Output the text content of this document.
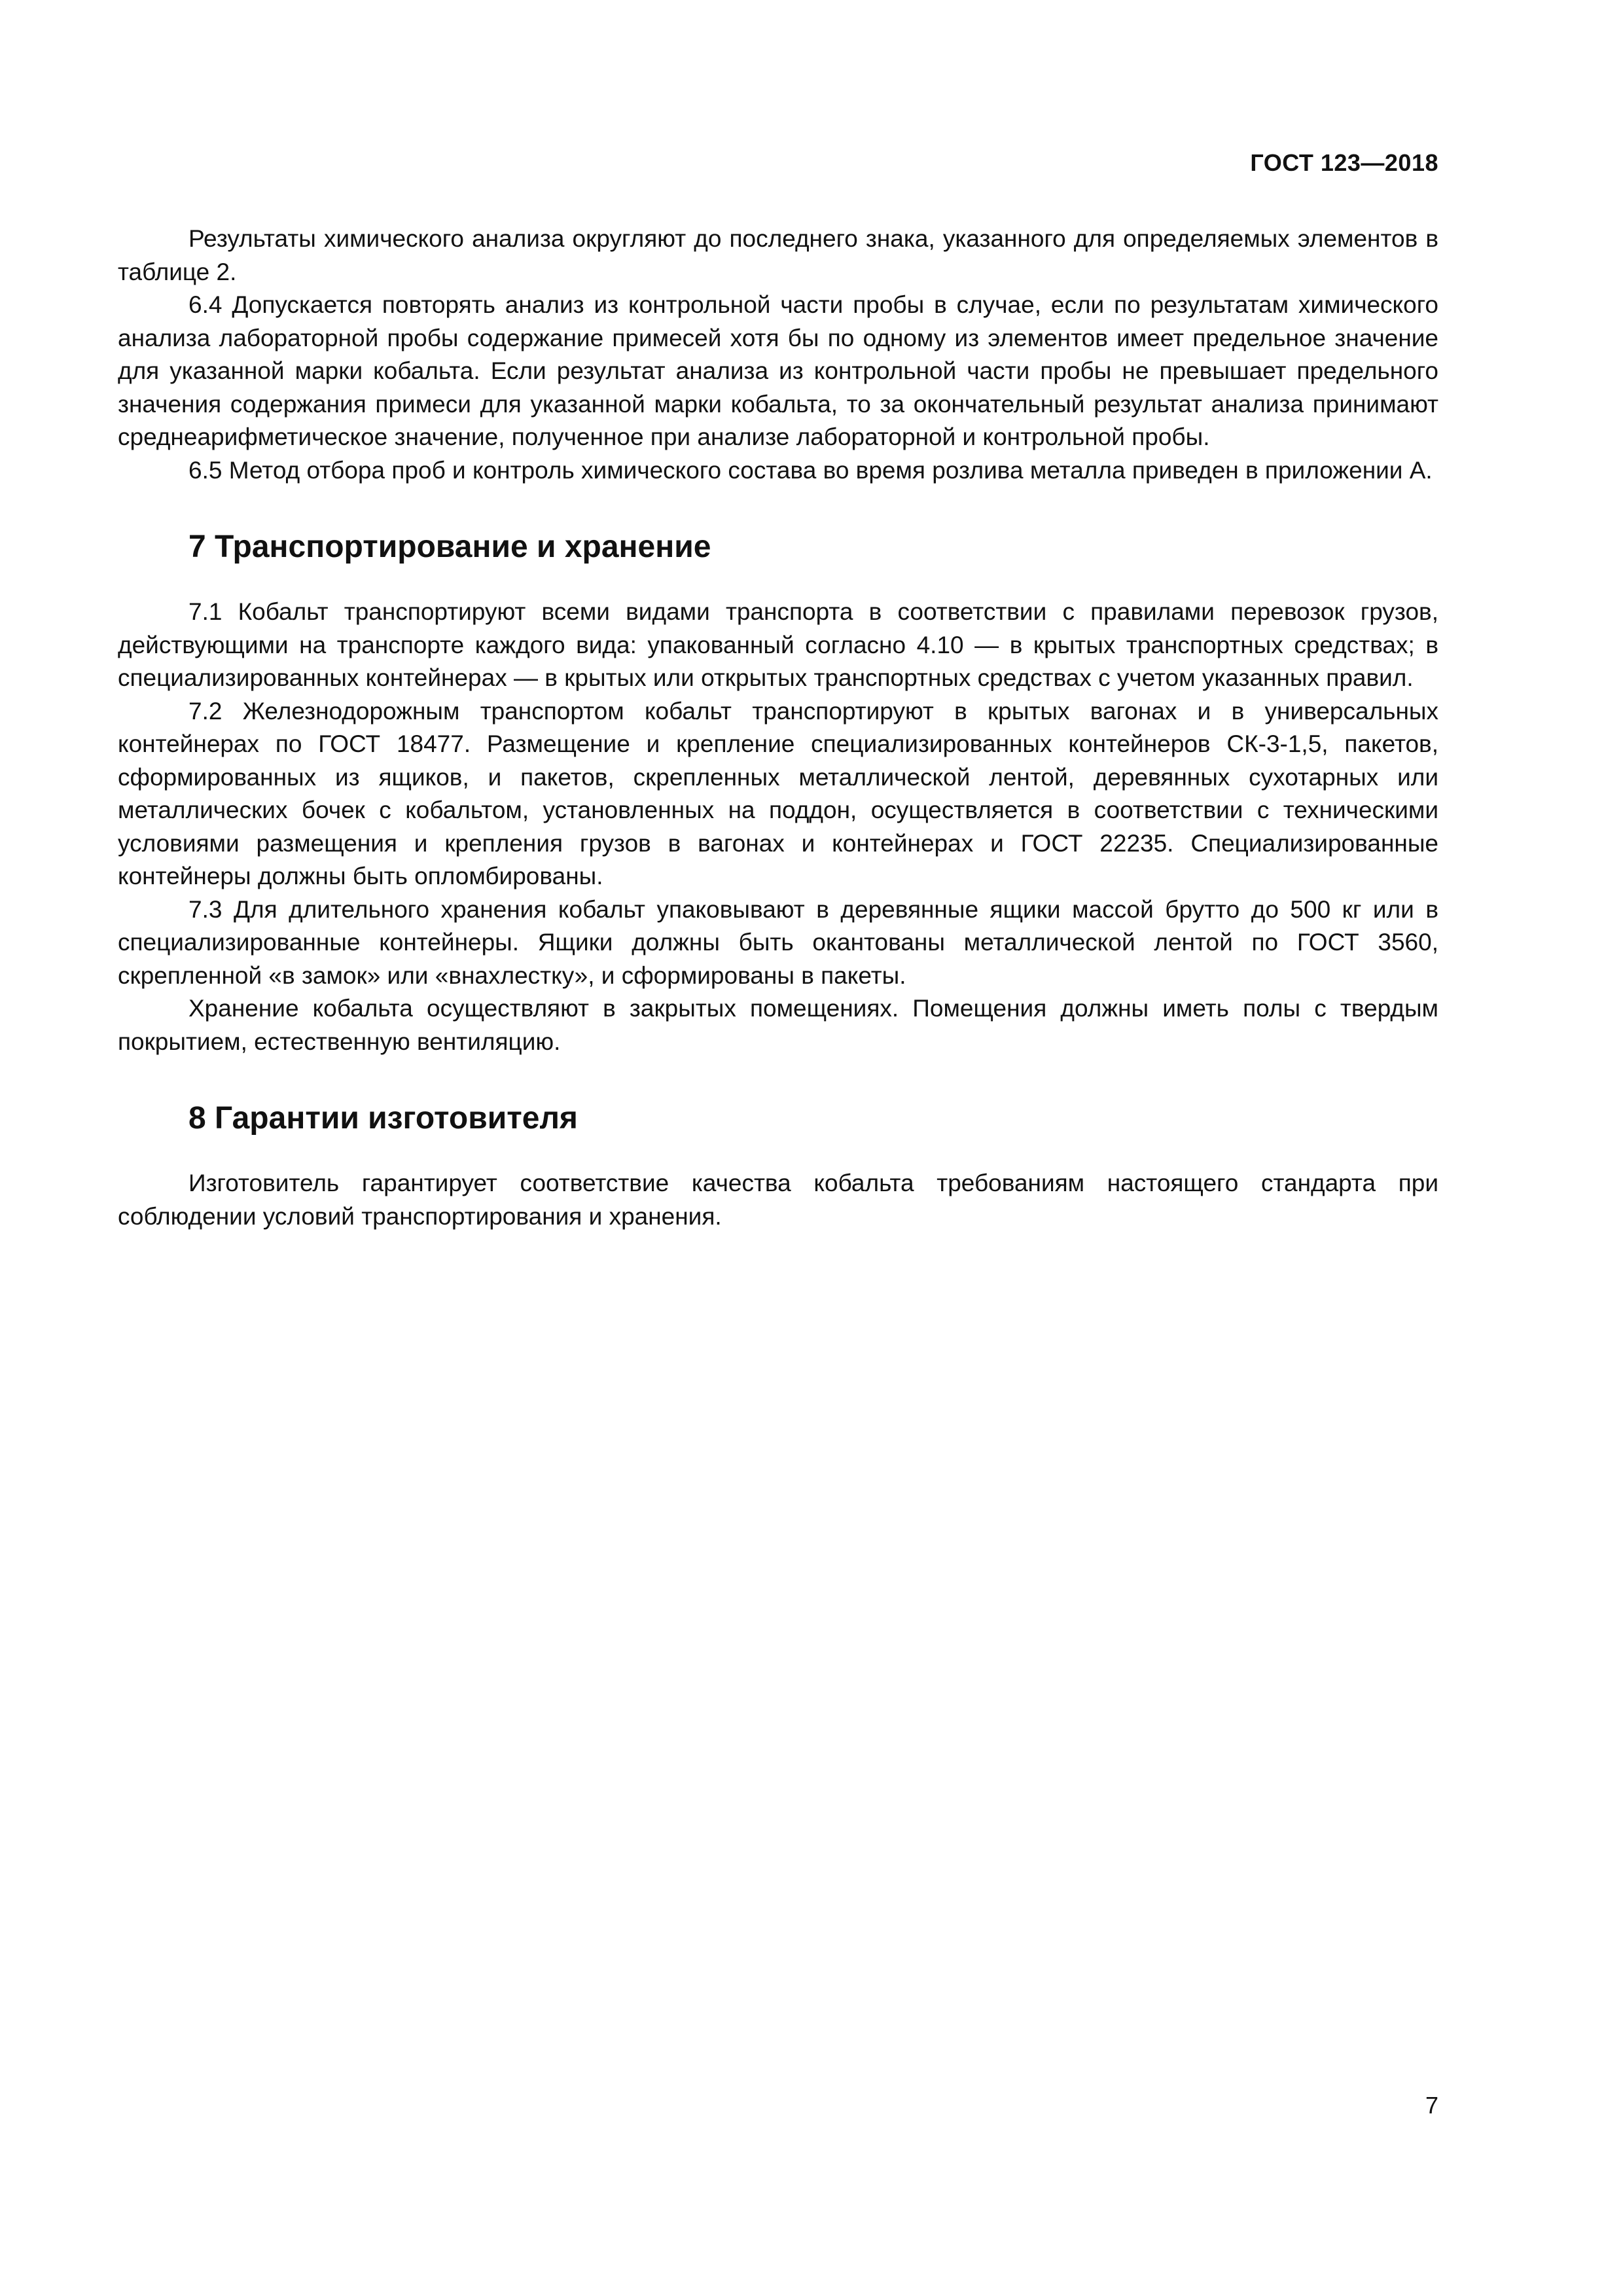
ГОСТ 123—2018

Результаты химического анализа округляют до последнего знака, указанного для определяемых элементов в таблице 2.

6.4 Допускается повторять анализ из контрольной части пробы в случае, если по результатам химического анализа лабораторной пробы содержание примесей хотя бы по одному из элементов имеет предельное значение для указанной марки кобальта. Если результат анализа из контрольной части пробы не превышает предельного значения содержания примеси для указанной марки кобальта, то за окончательный результат анализа принимают среднеарифметическое значение, полученное при анализе лабораторной и контрольной пробы.

6.5 Метод отбора проб и контроль химического состава во время розлива металла приведен в приложении А.

7 Транспортирование и хранение

7.1 Кобальт транспортируют всеми видами транспорта в соответствии с правилами перевозок грузов, действующими на транспорте каждого вида: упакованный согласно 4.10 — в крытых транспортных средствах; в специализированных контейнерах — в крытых или открытых транспортных средствах с учетом указанных правил.

7.2 Железнодорожным транспортом кобальт транспортируют в крытых вагонах и в универсальных контейнерах по ГОСТ 18477. Размещение и крепление специализированных контейнеров СК-3-1,5, пакетов, сформированных из ящиков, и пакетов, скрепленных металлической лентой, деревянных сухотарных или металлических бочек с кобальтом, установленных на поддон, осуществляется в соответствии с техническими условиями размещения и крепления грузов в вагонах и контейнерах и ГОСТ 22235. Специализированные контейнеры должны быть опломбированы.

7.3 Для длительного хранения кобальт упаковывают в деревянные ящики массой брутто до 500 кг или в специализированные контейнеры. Ящики должны быть окантованы металлической лентой по ГОСТ 3560, скрепленной «в замок» или «внахлестку», и сформированы в пакеты.

Хранение кобальта осуществляют в закрытых помещениях. Помещения должны иметь полы с твердым покрытием, естественную вентиляцию.

8 Гарантии изготовителя

Изготовитель гарантирует соответствие качества кобальта требованиям настоящего стандарта при соблюдении условий транспортирования и хранения.

7
